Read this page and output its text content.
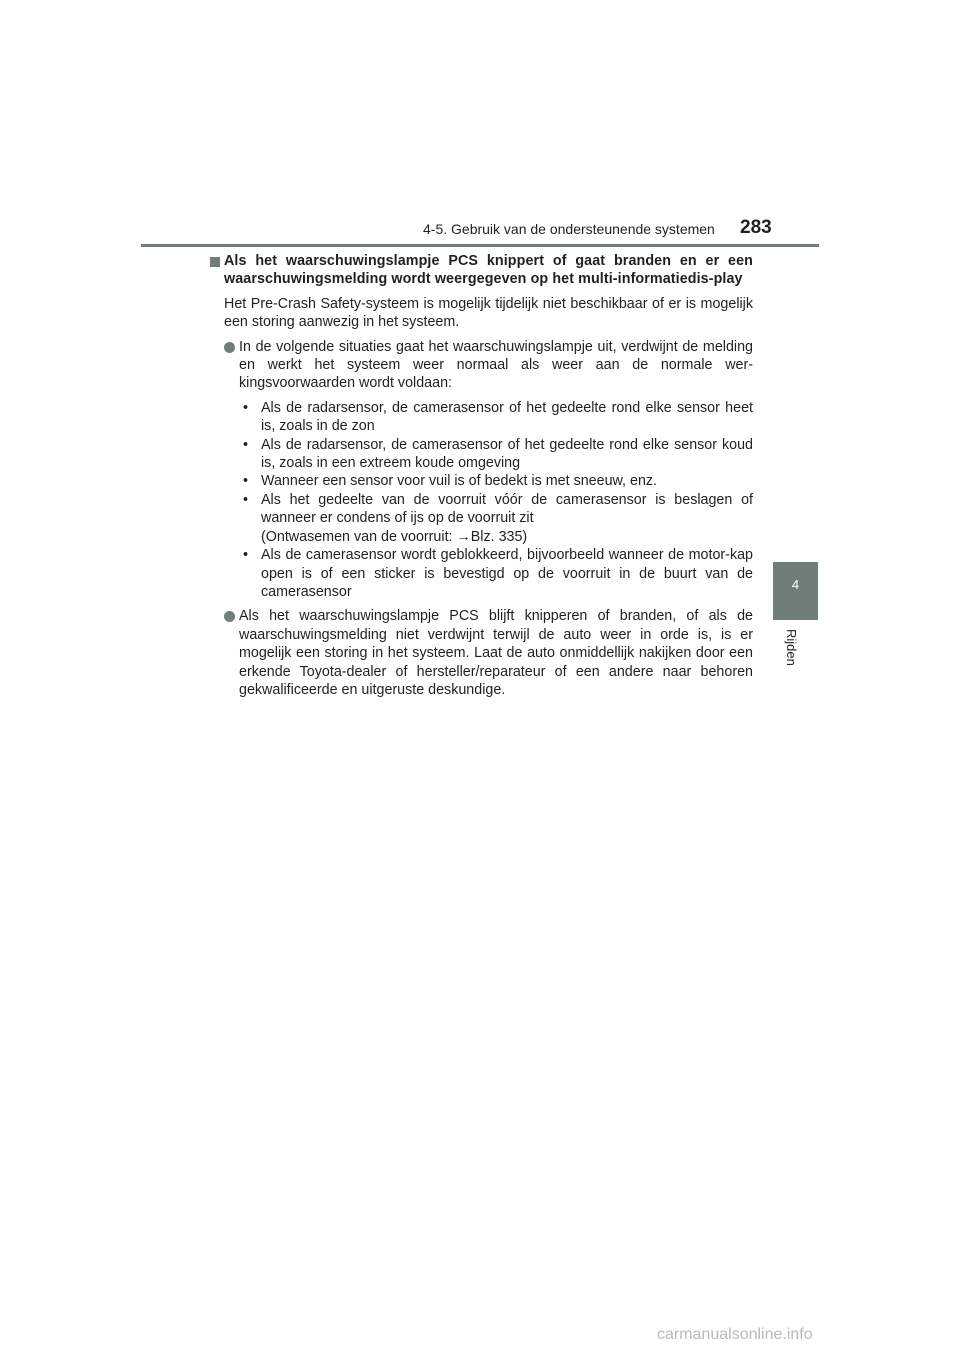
4-5. Gebruik van de ondersteunende systemen 283
4
Rijden
Als het waarschuwingslampje PCS knippert of gaat branden en er een waarschuwingsmelding wordt weergegeven op het multi-informatiedis-play
Het Pre-Crash Safety-systeem is mogelijk tijdelijk niet beschikbaar of er is mogelijk een storing aanwezig in het systeem.
In de volgende situaties gaat het waarschuwingslampje uit, verdwijnt de melding en werkt het systeem weer normaal als weer aan de normale wer-kingsvoorwaarden wordt voldaan:
• Als de radarsensor, de camerasensor of het gedeelte rond elke sensor heet is, zoals in de zon
• Als de radarsensor, de camerasensor of het gedeelte rond elke sensor koud is, zoals in een extreem koude omgeving
• Wanneer een sensor voor vuil is of bedekt is met sneeuw, enz.
• Als het gedeelte van de voorruit vóór de camerasensor is beslagen of wanneer er condens of ijs op de voorruit zit
(Ontwasemen van de voorruit: →Blz. 335)
• Als de camerasensor wordt geblokkeerd, bijvoorbeeld wanneer de motor-kap open is of een sticker is bevestigd op de voorruit in de buurt van de camerasensor
Als het waarschuwingslampje PCS blijft knipperen of branden, of als de waarschuwingsmelding niet verdwijnt terwijl de auto weer in orde is, is er mogelijk een storing in het systeem. Laat de auto onmiddellijk nakijken door een erkende Toyota-dealer of hersteller/reparateur of een andere naar behoren gekwalificeerde en uitgeruste deskundige.
carmanualsonline.info
